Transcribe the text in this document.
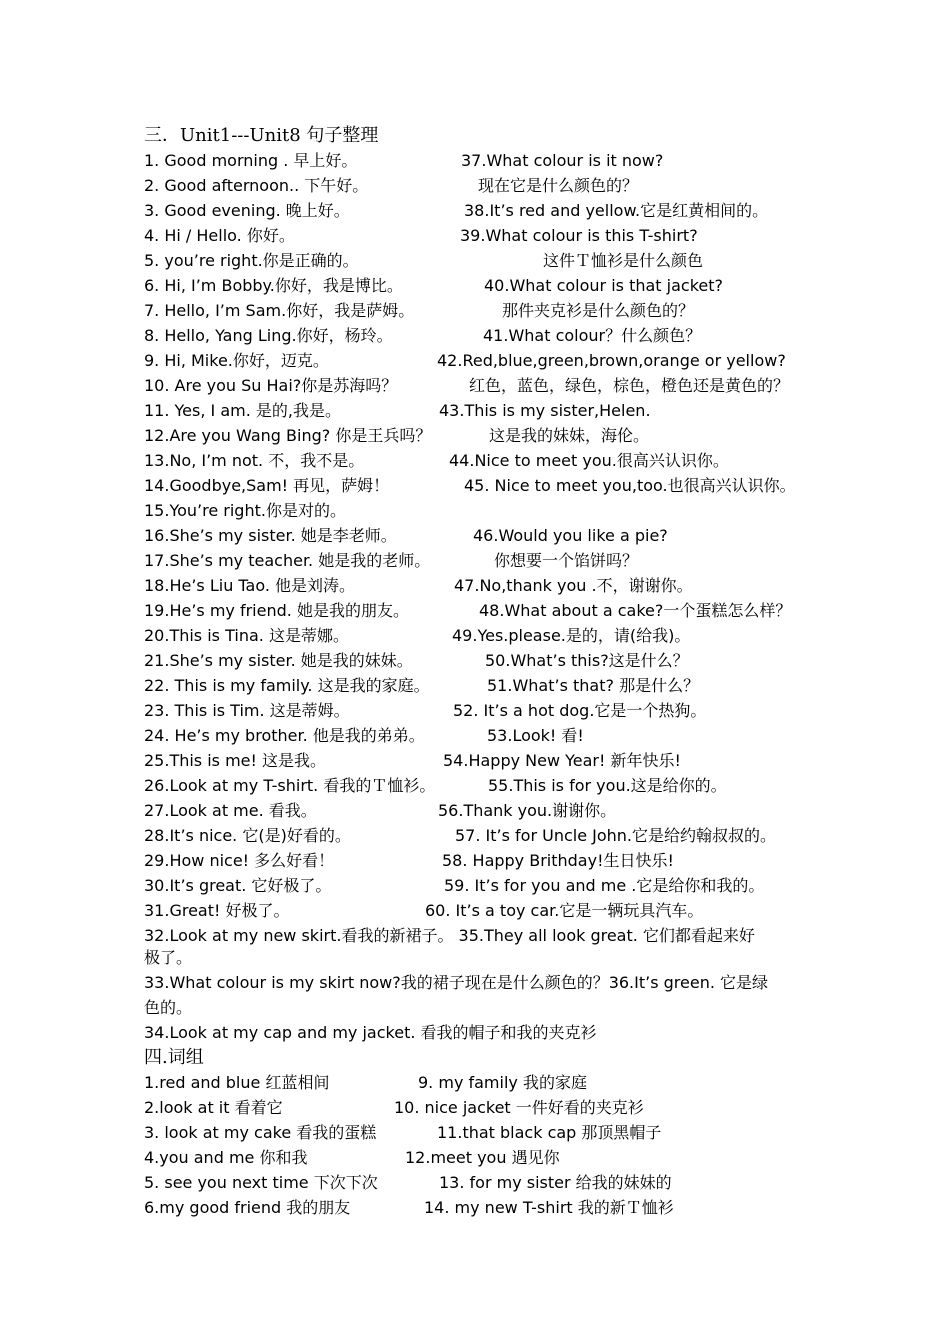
三．Unit1---Unit8 句子整理
1. Good morning . 早上好。	37.What colour is it now?
2. Good afternoon.. 下午好。	现在它是什么颜色的？
3. Good evening. 晚上好。	38.It’s red and yellow.它是红黄相间的。
4. Hi / Hello. 你好。	39.What colour is this T-shirt?
5. you’re right.你是正确的。	这件Ｔ恤衫是什么颜色
6. Hi, I’m Bobby.你好，我是博比。	40.What colour is that jacket?
7. Hello, I’m Sam.你好，我是萨姆。	那件夹克衫是什么颜色的？
8. Hello, Yang Ling.你好，杨玲。	41.What colour？什么颜色？
9. Hi, Mike.你好，迈克。	42.Red,blue,green,brown,orange or yellow?
10. Are you Su Hai?你是苏海吗？	红色，蓝色，绿色，棕色，橙色还是黄色的？
11. Yes, I am. 是的,我是。	43.This is my sister,Helen.
12.Are you Wang Bing? 你是王兵吗？	这是我的妹妹，海伦。
13.No, I’m not. 不，我不是。	44.Nice to meet you.很高兴认识你。
14.Goodbye,Sam! 再见，萨姆！	45. Nice to meet you,too.也很高兴认识你。
15.You’re right.你是对的。
16.She’s my sister. 她是李老师。	46.Would you like a pie?
17.She’s my teacher. 她是我的老师。	你想要一个馅饼吗？
18.He’s Liu Tao. 他是刘涛。	47.No,thank you .不，谢谢你。
19.He’s my friend. 她是我的朋友。	48.What about a cake?一个蛋糕怎么样？
20.This is Tina. 这是蒂娜。	49.Yes.please.是的，请(给我)。
21.She’s my sister. 她是我的妹妹。	50.What’s this?这是什么？
22. This is my family. 这是我的家庭。	51.What’s that? 那是什么？
23. This is Tim. 这是蒂姆。	52. It’s a hot dog.它是一个热狗。
24. He’s my brother. 他是我的弟弟。	53.Look! 看!
25.This is me! 这是我。	54.Happy New Year! 新年快乐!
26.Look at my T-shirt. 看我的Ｔ恤衫。	55.This is for you.这是给你的。
27.Look at me. 看我。	56.Thank you.谢谢你。
28.It’s nice. 它(是)好看的。	57. It’s for Uncle John.它是给约翰叔叔的。
29.How nice! 多么好看！	58. Happy Brithday!生日快乐!
30.It’s great. 它好极了。	59. It’s for you and me .它是给你和我的。
31.Great! 好极了。	60. It’s a toy car.它是一辆玩具汽车。
32.Look at my new skirt.看我的新裙子。 35.They all look great. 它们都看起来好
极了。
33.What colour is my skirt now?我的裙子现在是什么颜色的？36.It’s green. 它是绿
色的。
34.Look at my cap and my jacket. 看我的帽子和我的夹克衫
四.词组
1.red and blue 红蓝相间	9. my family 我的家庭
2.look at it 看着它	10. nice jacket 一件好看的夹克衫
3. look at my cake 看我的蛋糕	11.that black cap 那顶黑帽子
4.you and me 你和我	12.meet you 遇见你
5. see you next time 下次下次	13. for my sister 给我的妹妹的
6.my good friend 我的朋友	14. my new T-shirt 我的新Ｔ恤衫
